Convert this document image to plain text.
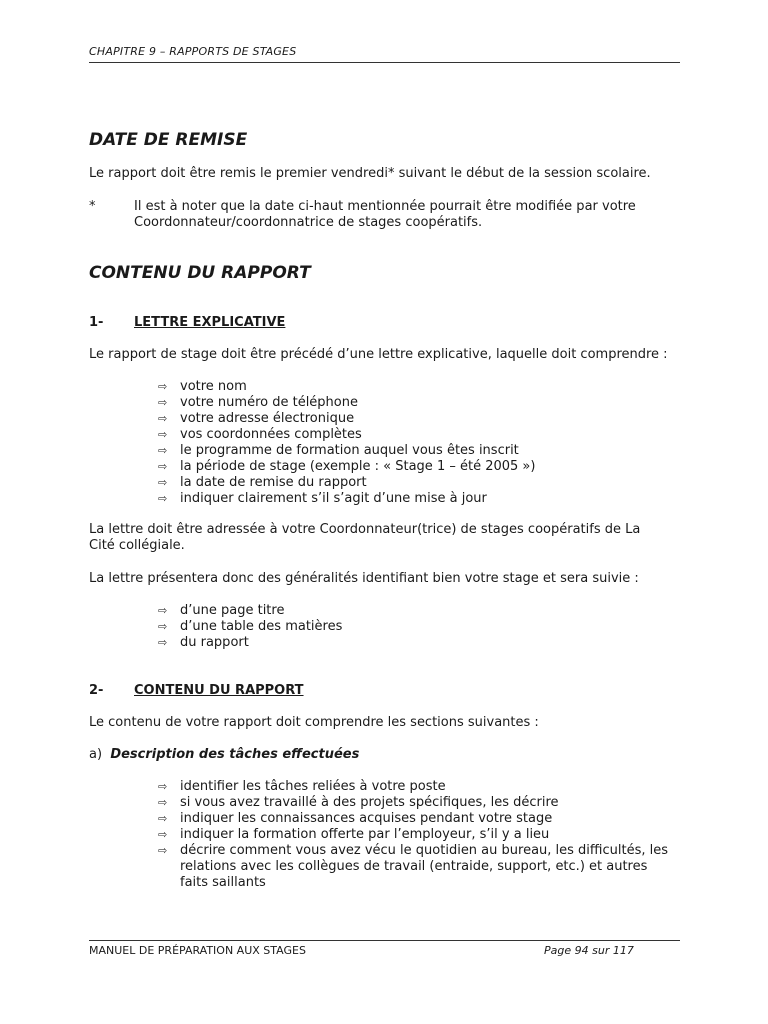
CHAPITRE 9 – RAPPORTS DE STAGES
DATE DE REMISE
Le rapport doit être remis le premier vendredi* suivant le début de la session scolaire.
*	Il est à noter que la date ci-haut mentionnée pourrait être modifiée par votre Coordonnateur/coordonnatrice de stages coopératifs.
CONTENU DU RAPPORT
1- LETTRE EXPLICATIVE
Le rapport de stage doit être précédé d’une lettre explicative, laquelle doit comprendre :
⇨ votre nom
⇨ votre numéro de téléphone
⇨ votre adresse électronique
⇨ vos coordonnées complètes
⇨ le programme de formation auquel vous êtes inscrit
⇨ la période de stage (exemple : « Stage 1 – été 2005 »)
⇨ la date de remise du rapport
⇨ indiquer clairement s’il s’agit d’une mise à jour
La lettre doit être adressée à votre Coordonnateur(trice) de stages coopératifs de La Cité collégiale.
La lettre présentera donc des généralités identifiant bien votre stage et sera suivie :
⇨ d’une page titre
⇨ d’une table des matières
⇨ du rapport
2- CONTENU DU RAPPORT
Le contenu de votre rapport doit comprendre les sections suivantes :
a) Description des tâches effectuées
⇨ identifier les tâches reliées à votre poste
⇨ si vous avez travaillé à des projets spécifiques, les décrire
⇨ indiquer les connaissances acquises pendant votre stage
⇨ indiquer la formation offerte par l’employeur, s’il y a lieu
⇨ décrire comment vous avez vécu le quotidien au bureau, les difficultés, les relations avec les collègues de travail (entraide, support, etc.) et autres faits saillants
MANUEL DE PRÉPARATION AUX STAGES	Page 94 sur 117
